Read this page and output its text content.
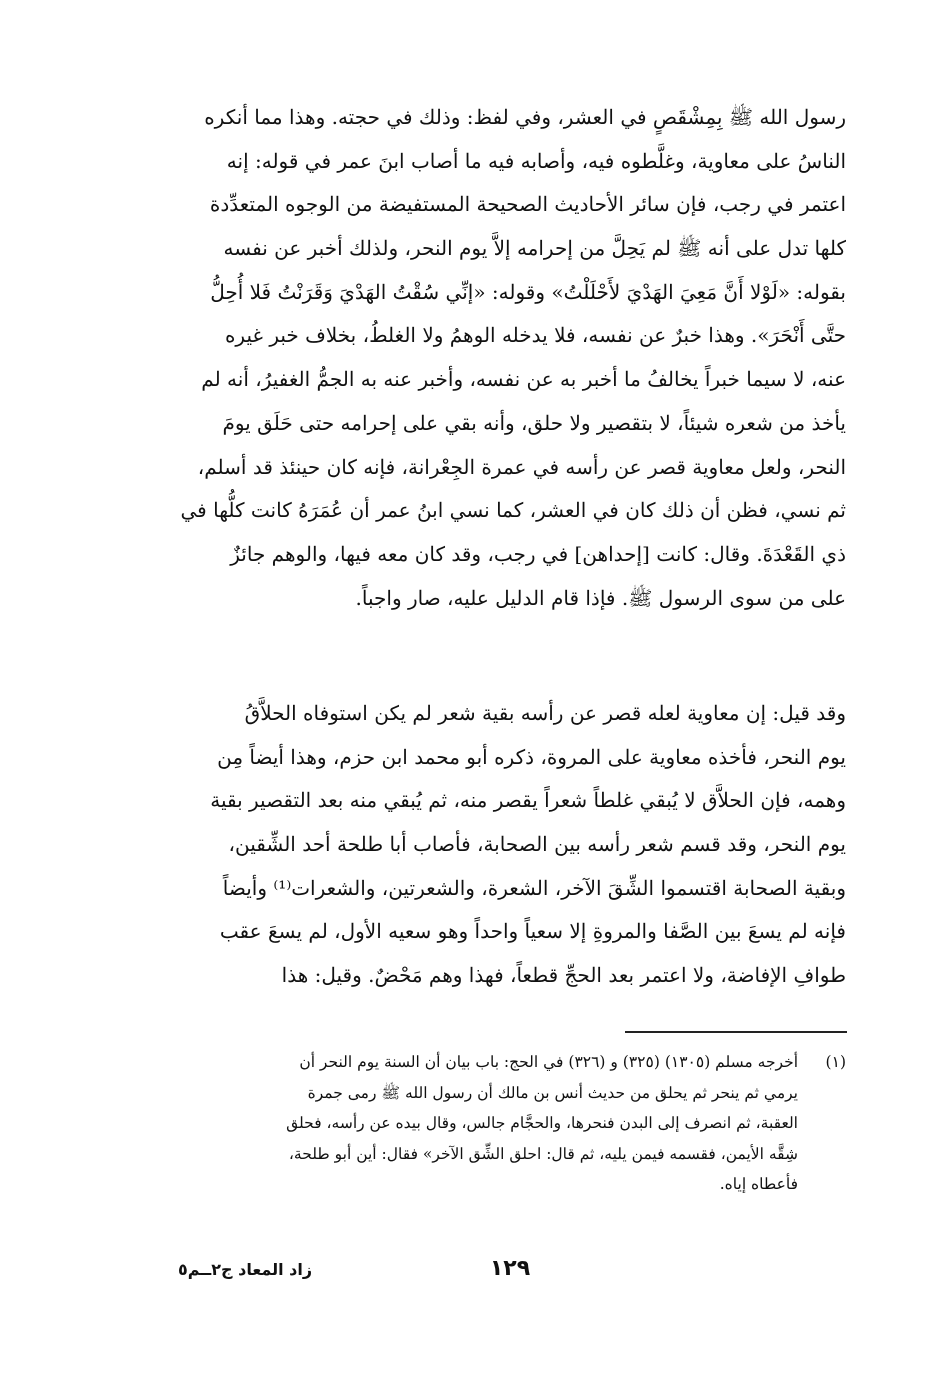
رسول الله ﷺ بِمِشْقَصٍ في العشر، وفي لفظ: وذلك في حجته. وهذا مما أنكره
الناسُ على معاوية، وغلَّطوه فيه، وأصابه فيه ما أصاب ابنَ عمر في قوله: إنه
اعتمر في رجب، فإن سائر الأحاديث الصحيحة المستفيضة من الوجوه المتعدِّدة
كلها تدل على أنه ﷺ لم يَحِلَّ من إحرامه إلاَّ يوم النحر، ولذلك أخبر عن نفسه
بقوله: «لَوْلا أَنَّ مَعِيَ الهَدْيَ لأَحْلَلْتُ» وقوله: «إنِّي سُقْتُ الهَدْيَ وَقَرَنْتُ فَلا أُحِلُّ
حتَّى أَنْحَرَ». وهذا خبرٌ عن نفسه، فلا يدخله الوهمُ ولا الغلطُ، بخلاف خبر غيره
عنه، لا سيما خبراً يخالفُ ما أخبر به عن نفسه، وأخبر عنه به الجمُّ الغفيرُ، أنه لم
يأخذ من شعره شيئاً، لا بتقصير ولا حلق، وأنه بقي على إحرامه حتى حَلَق يومَ
النحر، ولعل معاوية قصر عن رأسه في عمرة الجِعْرانة، فإنه كان حينئذ قد أسلم،
ثم نسي، فظن أن ذلك كان في العشر، كما نسي ابنُ عمر أن عُمَرَهُ كانت كلُّها في
ذي القَعْدَةَ. وقال: كانت [إحداهن] في رجب، وقد كان معه فيها، والوهم جائزٌ
على من سوى الرسول ﷺ. فإذا قام الدليل عليه، صار واجباً.
وقد قيل: إن معاوية لعله قصر عن رأسه بقية شعر لم يكن استوفاه الحلاَّقُ
يوم النحر، فأخذه معاوية على المروة، ذكره أبو محمد ابن حزم، وهذا أيضاً مِن
وهمه، فإن الحلاَّق لا يُبقي غلطاً شعراً يقصر منه، ثم يُبقي منه بعد التقصير بقية
يوم النحر، وقد قسم شعر رأسه بين الصحابة، فأصاب أبا طلحة أحد الشِّقين،
وبقية الصحابة اقتسموا الشِّقَ الآخر، الشعرة، والشعرتين، والشعرات⁽¹⁾ وأيضاً
فإنه لم يسعَ بين الصَّفا والمروةِ إلا سعياً واحداً وهو سعيه الأول، لم يسعَ عقب
طوافِ الإفاضة، ولا اعتمر بعد الحجِّ قطعاً، فهذا وهم مَحْضٌ. وقيل: هذا
(١)أخرجه مسلم (١٣٠٥) (٣٢٥) و (٣٢٦) في الحج: باب بيان أن السنة يوم النحر أن
يرمي ثم ينحر ثم يحلق من حديث أنس بن مالك أن رسول الله ﷺ رمى جمرة
العقبة، ثم انصرف إلى البدن فنحرها، والحجَّام جالس، وقال بيده عن رأسه، فحلق
شِقَّه الأيمن، فقسمه فيمن يليه، ثم قال: احلق الشِّق الآخر» فقال: أين أبو طلحة،
فأعطاه إياه.
١٢٩
زاد المعاد ج٢ــم٥
